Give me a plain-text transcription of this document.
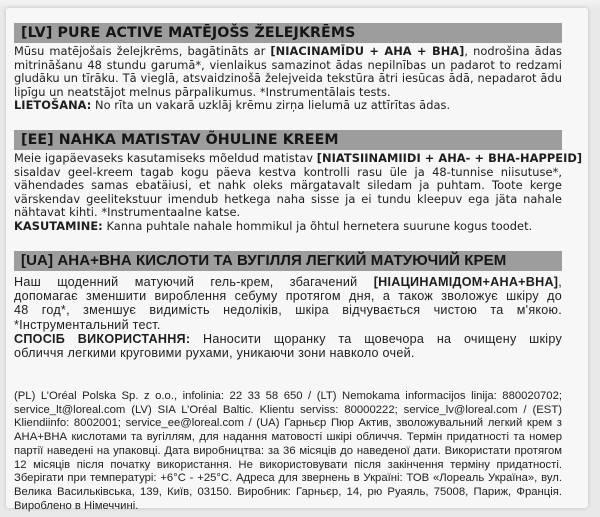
[LV] PURE ACTIVE MATĒJOŠS ŽELEJKRĒMS
Mūsu matējošais želejkrēms, bagātināts ar [NIACINAMĪDU + AHA + BHA], nodrošina ādas
mitrināšanu 48 stundu garumā*, vienlaikus samazinot ādas nepilnības un padarot to redzami
gludāku un tīrāku. Tā vieglā, atsvaidzinošā želejveida tekstūra ātri iesūcas ādā, nepadarot ādu
lipīgu un neatstājot melnus pārpalikumus. *Instrumentālais tests.
LIETOŠANA: No rīta un vakarā uzklāj krēmu zirņa lielumā uz attīrītas ādas.
[EE] NAHKA MATISTAV ÕHULINE KREEM
Meie igapäevaseks kasutamiseks mõeldud matistav [NIATSIINAMIIDI + AHA- + BHA-HAPPEID]
sisaldav geel-kreem tagab kogu päeva kestva kontrolli rasu üle ja 48-tunnise niisutuse*,
vähendades samas ebatäiusi, et nahk oleks märgatavalt siledam ja puhtam. Toote kerge
värskendav geelitekstuur imendub hetkega naha sisse ja ei tundu kleepuv ega jäta nahale
nähtavat kihti. *Instrumentaalne katse.
KASUTAMINE: Kanna puhtale nahale hommikul ja õhtul hernetera suurune kogus toodet.
[UA] АНА+ВНА КИСЛОТИ ТА ВУГІЛЛЯ ЛЕГКИЙ МАТУЮЧИЙ КРЕМ
Наш щоденний матуючий гель-крем, збагачений [НІАЦИНАМІДОМ+АНА+ВНА],
допомагає зменшити вироблення себуму протягом дня, а також зволожує шкіру до
48 год*, зменшує видимість недоліків, шкіра відчувається чистою та м'якою.
*Інструментальний тест.
СПОСІБ ВИКОРИСТАННЯ: Наносити щоранку та щовечора на очищену шкіру
обличчя легкими круговими рухами, уникаючи зони навколо очей.
(PL) L’Oréal Polska Sp. z o.o., infolinia: 22 33 58 650 / (LT) Nemokama informacijos linija: 880020702;
service_lt@loreal.com (LV) SIA L’Oréal Baltic. Klientu serviss: 80000222; service_lv@loreal.com / (EST)
Kliendiinfo: 8002001; service_ee@loreal.com / (UA) Гарньєр Пюр Актив, зволожувальний легкий крем з
АНА+ВНА кислотами та вугіллям, для надання матовості шкірі обличчя. Термін придатності та номер
партії наведені на упаковці. Дата виробництва: за 36 місяців до наведеної дати. Використати протягом
12 місяців після початку використання. Не використовувати після закінчення терміну придатності.
Зберігати при температурі: +6°C - +25°C. Адреса для звернень в Україні: ТОВ «Лореаль Україна», вул.
Велика Васильківська, 139, Київ, 03150. Виробник: Гарньєр, 14, рю Руаяль, 75008, Париж, Франція.
Вироблено в Німеччині.
